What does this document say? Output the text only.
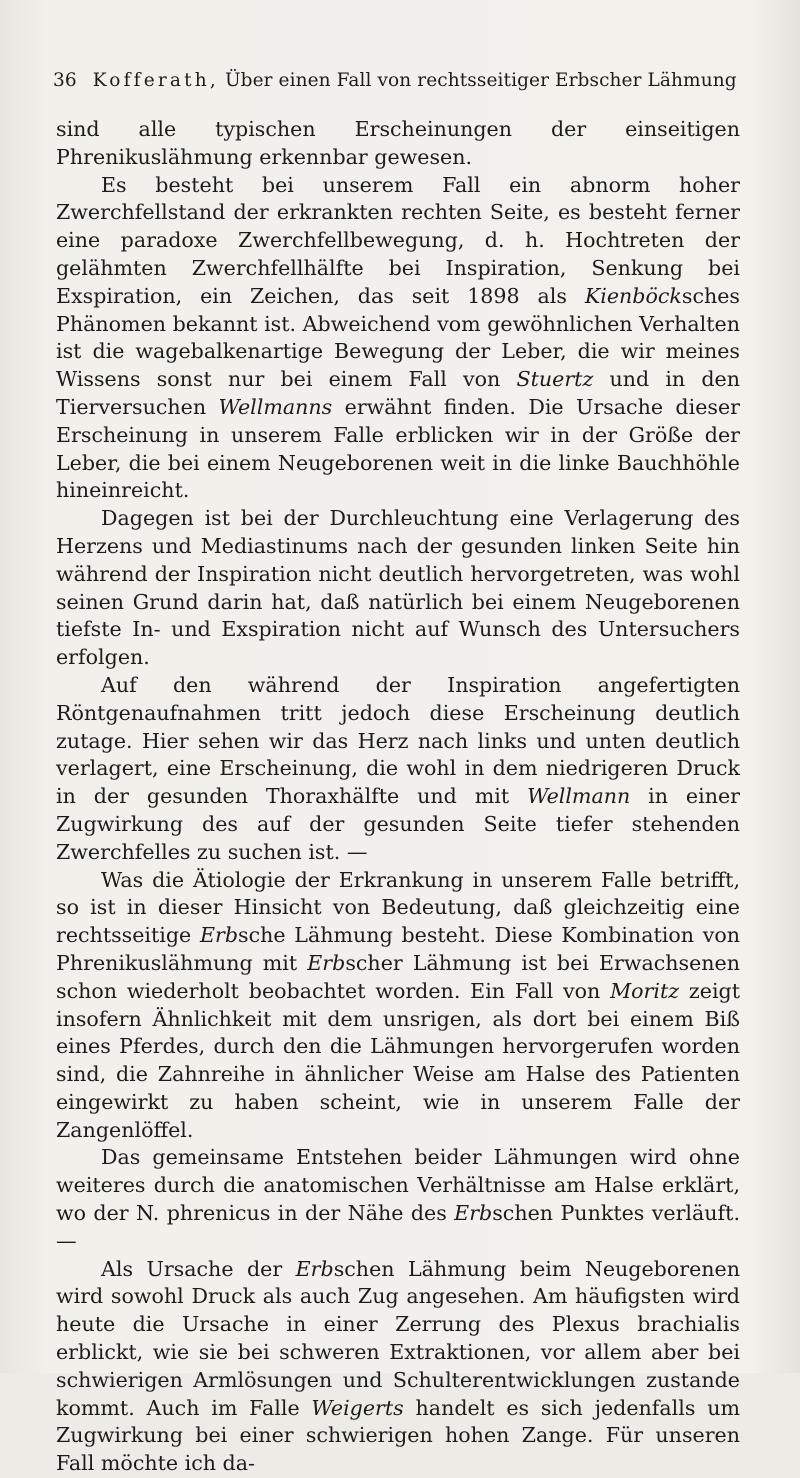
36 Kofferath, Über einen Fall von rechtsseitiger Erbscher Lähmung

sind alle typischen Erscheinungen der einseitigen Phrenikuslähmung erkennbar gewesen.

Es besteht bei unserem Fall ein abnorm hoher Zwerchfellstand der erkrankten rechten Seite, es besteht ferner eine paradoxe Zwerchfellbewegung, d. h. Hochtreten der gelähmten Zwerchfellhälfte bei Inspiration, Senkung bei Exspiration, ein Zeichen, das seit 1898 als Kienböcksches Phänomen bekannt ist. Abweichend vom gewöhnlichen Verhalten ist die wagebalkenartige Bewegung der Leber, die wir meines Wissens sonst nur bei einem Fall von Stuertz und in den Tierversuchen Wellmanns erwähnt finden. Die Ursache dieser Erscheinung in unserem Falle erblicken wir in der Größe der Leber, die bei einem Neugeborenen weit in die linke Bauchhöhle hineinreicht.

Dagegen ist bei der Durchleuchtung eine Verlagerung des Herzens und Mediastinums nach der gesunden linken Seite hin während der Inspiration nicht deutlich hervorgetreten, was wohl seinen Grund darin hat, daß natürlich bei einem Neugeborenen tiefste In- und Exspiration nicht auf Wunsch des Untersuchers erfolgen.

Auf den während der Inspiration angefertigten Röntgenaufnahmen tritt jedoch diese Erscheinung deutlich zutage. Hier sehen wir das Herz nach links und unten deutlich verlagert, eine Erscheinung, die wohl in dem niedrigeren Druck in der gesunden Thoraxhälfte und mit Wellmann in einer Zugwirkung des auf der gesunden Seite tiefer stehenden Zwerchfelles zu suchen ist. —

Was die Ätiologie der Erkrankung in unserem Falle betrifft, so ist in dieser Hinsicht von Bedeutung, daß gleichzeitig eine rechtsseitige Erbsche Lähmung besteht. Diese Kombination von Phrenikuslähmung mit Erbscher Lähmung ist bei Erwachsenen schon wiederholt beobachtet worden. Ein Fall von Moritz zeigt insofern Ähnlichkeit mit dem unsrigen, als dort bei einem Biß eines Pferdes, durch den die Lähmungen hervorgerufen worden sind, die Zahnreihe in ähnlicher Weise am Halse des Patienten eingewirkt zu haben scheint, wie in unserem Falle der Zangenlöffel.

Das gemeinsame Entstehen beider Lähmungen wird ohne weiteres durch die anatomischen Verhältnisse am Halse erklärt, wo der N. phrenicus in der Nähe des Erbschen Punktes verläuft. —

Als Ursache der Erbschen Lähmung beim Neugeborenen wird sowohl Druck als auch Zug angesehen. Am häufigsten wird heute die Ursache in einer Zerrung des Plexus brachialis erblickt, wie sie bei schweren Extraktionen, vor allem aber bei schwierigen Armlösungen und Schulterentwicklungen zustande kommt. Auch im Falle Weigerts handelt es sich jedenfalls um Zugwirkung bei einer schwierigen hohen Zange. Für unseren Fall möchte ich da-
